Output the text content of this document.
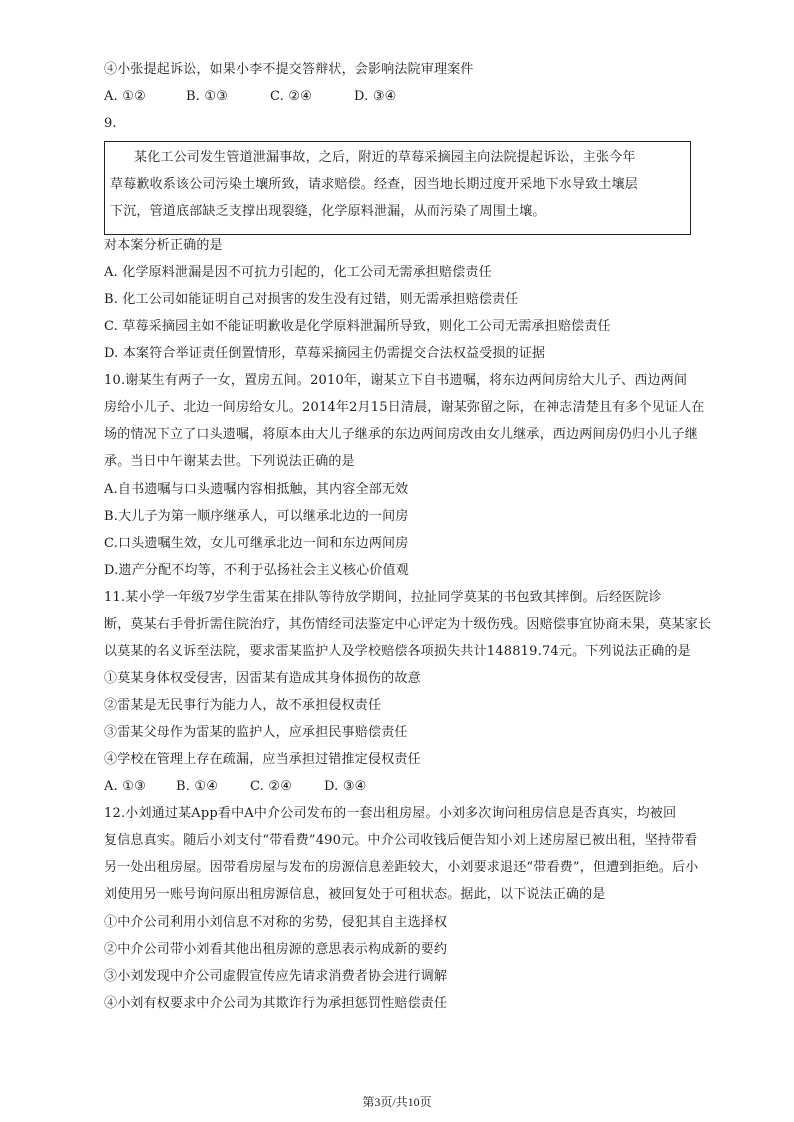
④小张提起诉讼，如果小李不提交答辩状，会影响法院审理案件
A. ①②	B. ①③	C. ②④	D. ③④
9.
某化工公司发生管道泄漏事故，之后，附近的草莓采摘园主向法院提起诉讼，主张今年
草莓歉收系该公司污染土壤所致，请求赔偿。经查，因当地长期过度开采地下水导致土壤层
下沉，管道底部缺乏支撑出现裂缝，化学原料泄漏，从而污染了周围土壤。
对本案分析正确的是
A. 化学原料泄漏是因不可抗力引起的，化工公司无需承担赔偿责任
B. 化工公司如能证明自己对损害的发生没有过错，则无需承担赔偿责任
C. 草莓采摘园主如不能证明歉收是化学原料泄漏所导致，则化工公司无需承担赔偿责任
D. 本案符合举证责任倒置情形，草莓采摘园主仍需提交合法权益受损的证据
10.谢某生有两子一女，置房五间。2010年，谢某立下自书遗嘱，将东边两间房给大儿子、西边两间
房给小儿子、北边一间房给女儿。2014年2月15日清晨，谢某弥留之际，在神志清楚且有多个见证人在
场的情况下立了口头遗嘱，将原本由大儿子继承的东边两间房改由女儿继承，西边两间房仍归小儿子继
承。当日中午谢某去世。下列说法正确的是
A.自书遗嘱与口头遗嘱内容相抵触，其内容全部无效
B.大儿子为第一顺序继承人，可以继承北边的一间房
C.口头遗嘱生效，女儿可继承北边一间和东边两间房
D.遗产分配不均等，不利于弘扬社会主义核心价值观
11.某小学一年级7岁学生雷某在排队等待放学期间，拉扯同学莫某的书包致其摔倒。后经医院诊
断，莫某右手骨折需住院治疗，其伤情经司法鉴定中心评定为十级伤残。因赔偿事宜协商未果，莫某家长
以莫某的名义诉至法院，要求雷某监护人及学校赔偿各项损失共计148819.74元。下列说法正确的是
①莫某身体权受侵害，因雷某有造成其身体损伤的故意
②雷某是无民事行为能力人，故不承担侵权责任
③雷某父母作为雷某的监护人，应承担民事赔偿责任
④学校在管理上存在疏漏，应当承担过错推定侵权责任
A. ①③ B. ①④ C. ②④ D. ③④
12.小刘通过某App看中A中介公司发布的一套出租房屋。小刘多次询问租房信息是否真实，均被回
复信息真实。随后小刘支付“带看费”490元。中介公司收钱后便告知小刘上述房屋已被出租，坚持带看
另一处出租房屋。因带看房屋与发布的房源信息差距较大，小刘要求退还“带看费”，但遭到拒绝。后小
刘使用另一账号询问原出租房源信息，被回复处于可租状态。据此，以下说法正确的是
①中介公司利用小刘信息不对称的劣势，侵犯其自主选择权
②中介公司带小刘看其他出租房源的意思表示构成新的要约
③小刘发现中介公司虚假宣传应先请求消费者协会进行调解
④小刘有权要求中介公司为其欺诈行为承担惩罚性赔偿责任
第3页/共10页
